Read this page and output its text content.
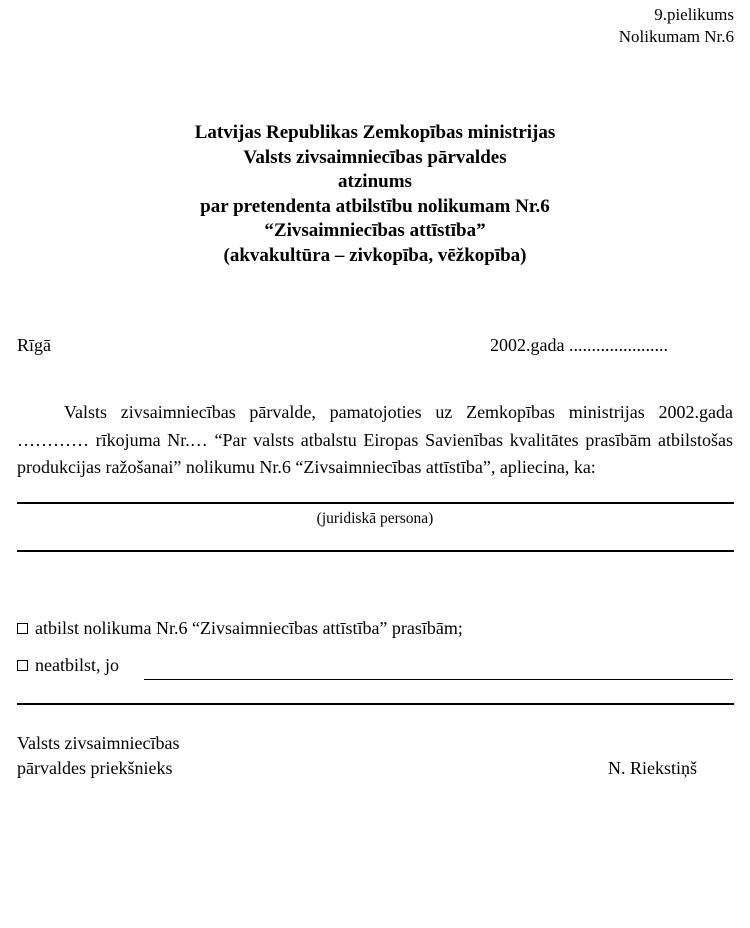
9.pielikums
Nolikumam Nr.6
Latvijas Republikas Zemkopības ministrijas
Valsts zivsaimniecības pārvaldes
atzinums
par pretendenta atbilstību nolikumam Nr.6
“Zivsaimniecības attīstība”
(akvakultūra – zivkopība, vēžkopība)
Rīgā	2002.gada ......................

Valsts zivsaimniecības pārvalde, pamatojoties uz Zemkopības ministrijas 2002.gada ………… rīkojuma Nr.… “Par valsts atbalstu Eiropas Savienības kvalitātes prasībām atbilstošas produkcijas ražošanai” nolikumu Nr.6 “Zivsaimniecības attīstība”, apliecina, ka:

(juridiskā persona)
atbilst nolikuma Nr.6 “Zivsaimniecības attīstība” prasībām;
neatbilst, jo
Valsts zivsaimniecības
pārvaldes priekšnieks	N. Riekstiņš
